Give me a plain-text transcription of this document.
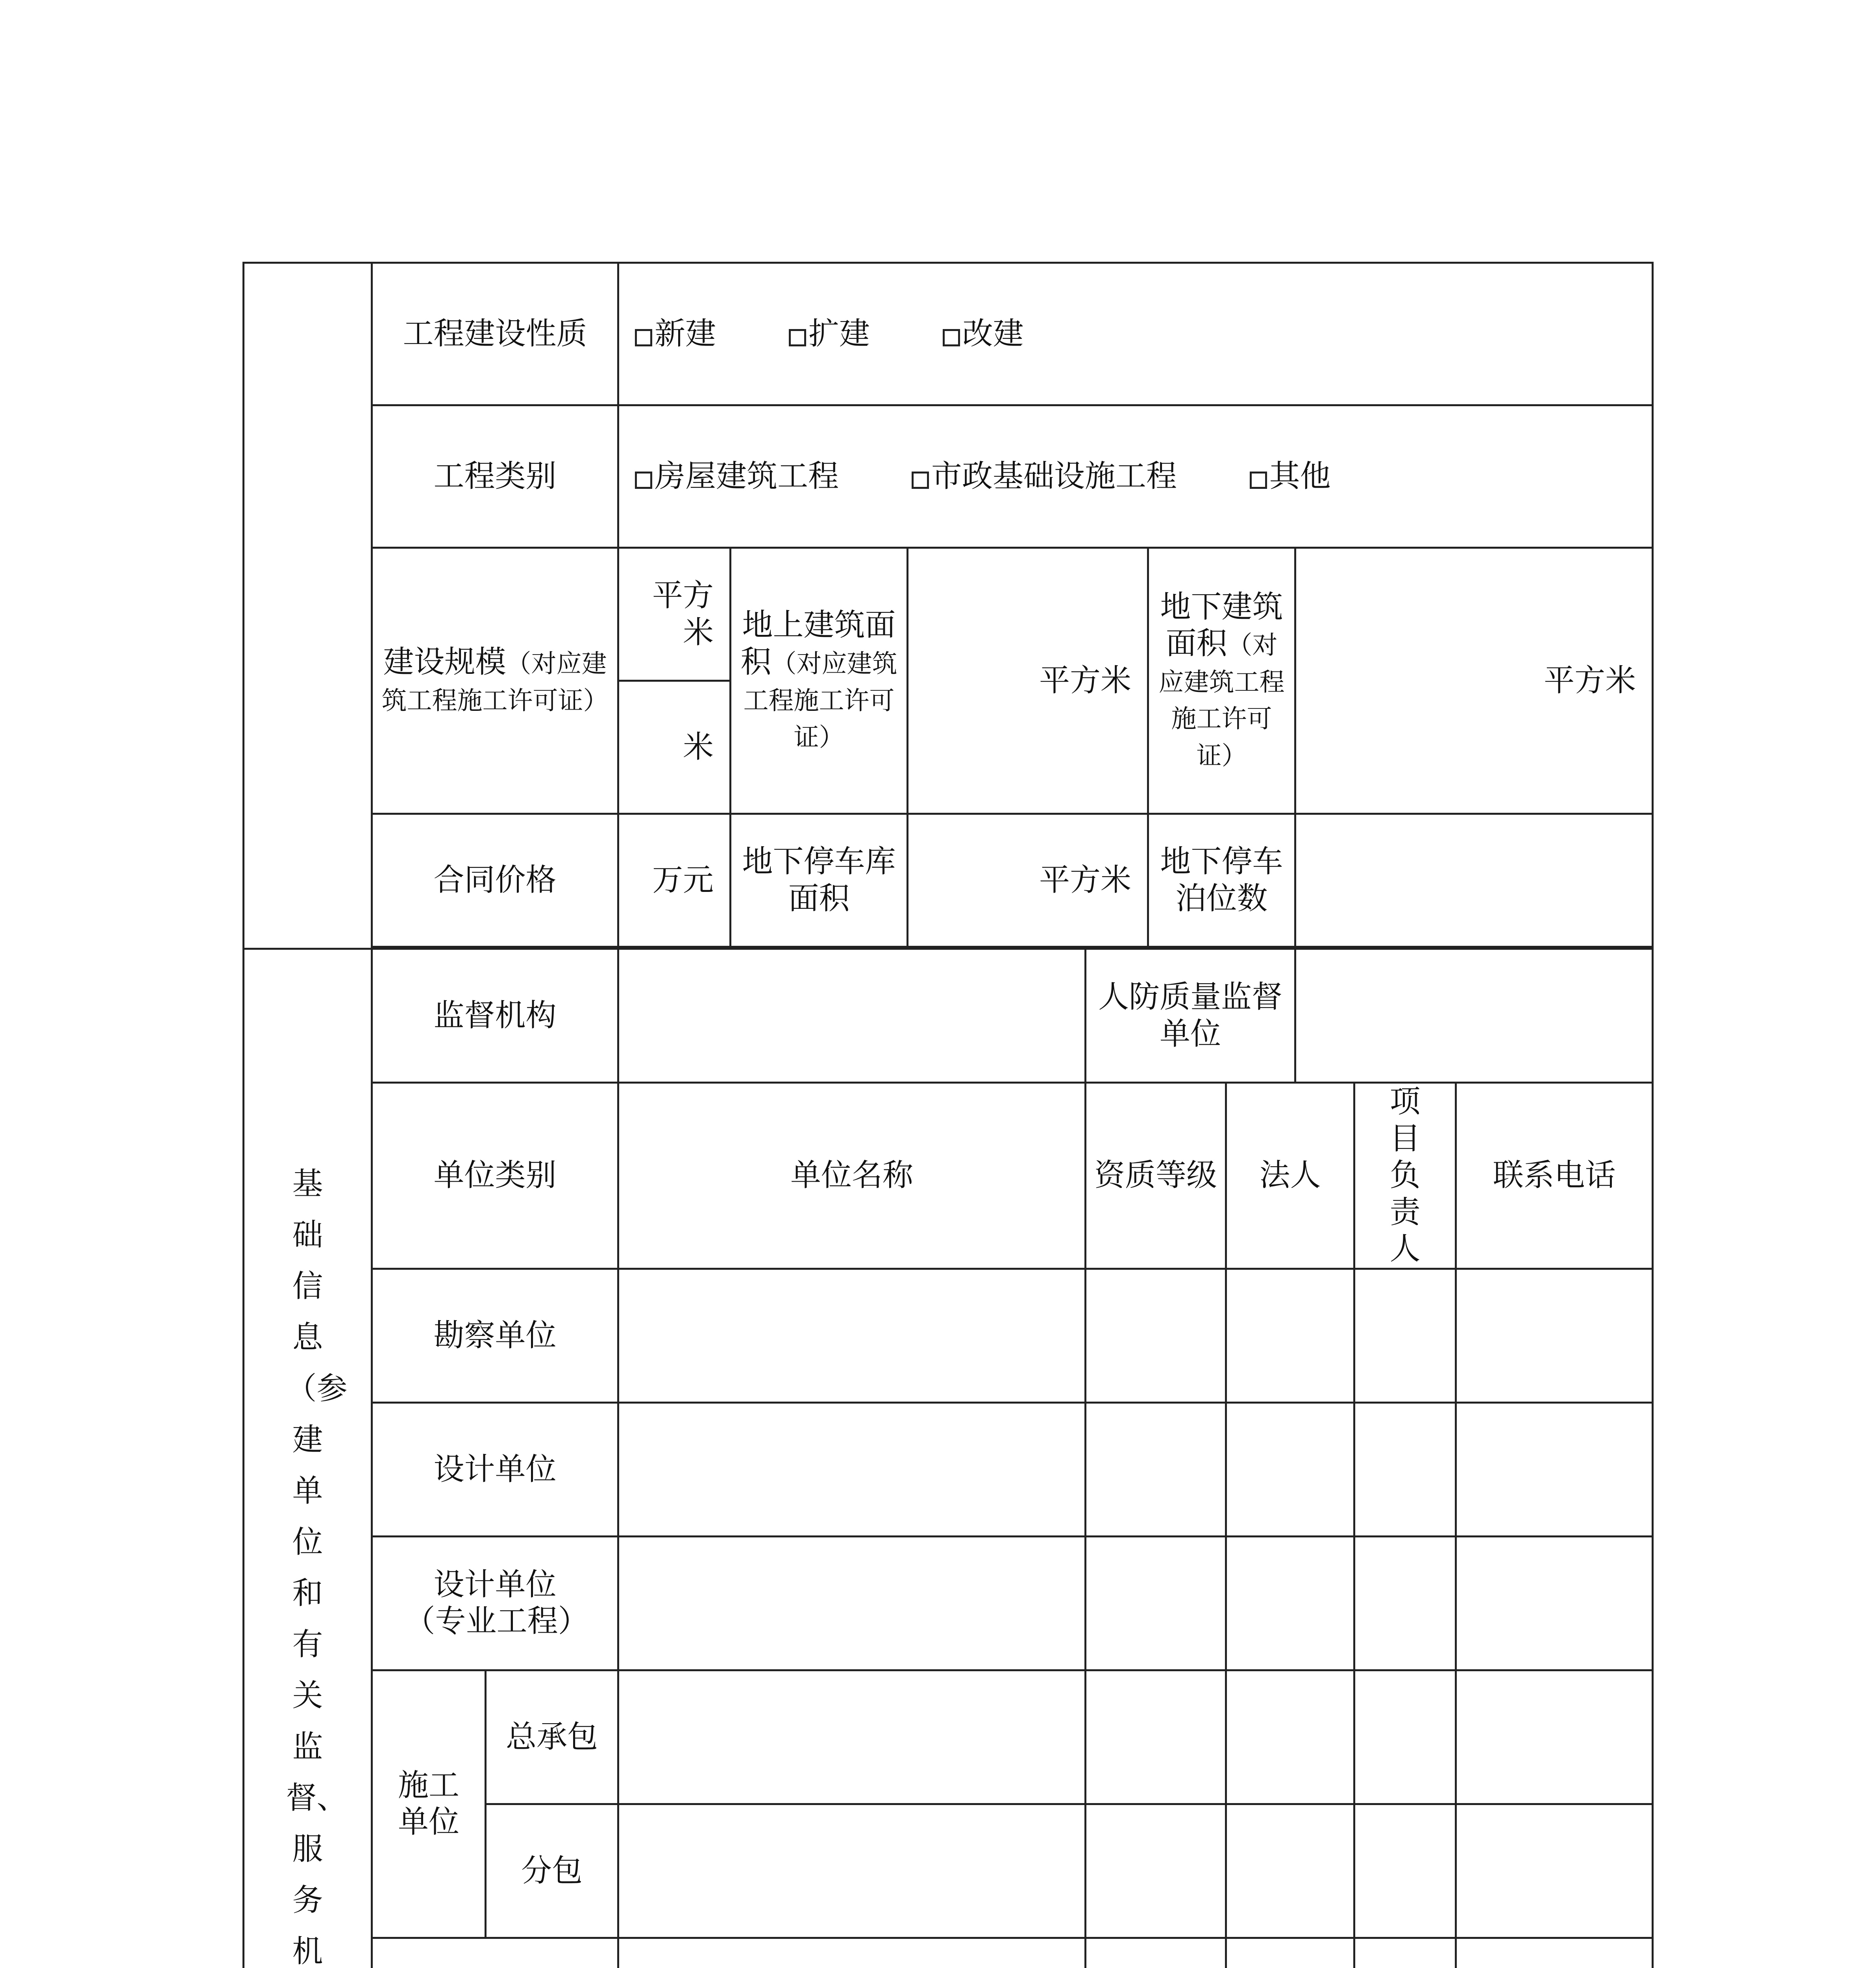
	工程建设性质		新建 扩建 改建								
	工程类别		房屋建筑工程 市政基础设施工程 其他								
	建设规模（对应建筑工程施工许可证）		平方米	地上建筑面积（对应建筑工程施工许可证）	平方米		地下建筑面积（对应建筑工程施工许可证）		平方米		
			米								
	合同价格		万元	地下停车库面积	平方米		地下停车泊位数				

基础信息（参建单位和有关监督、服务机	监督机构					人防质量监督单位					
	单位类别		单位名称			资质等级		法人		项目负责人	联系电话
	勘察单位										
	设计单位										

	设计单位（专业工程）										

	施工单位	总承包									
		分包									
